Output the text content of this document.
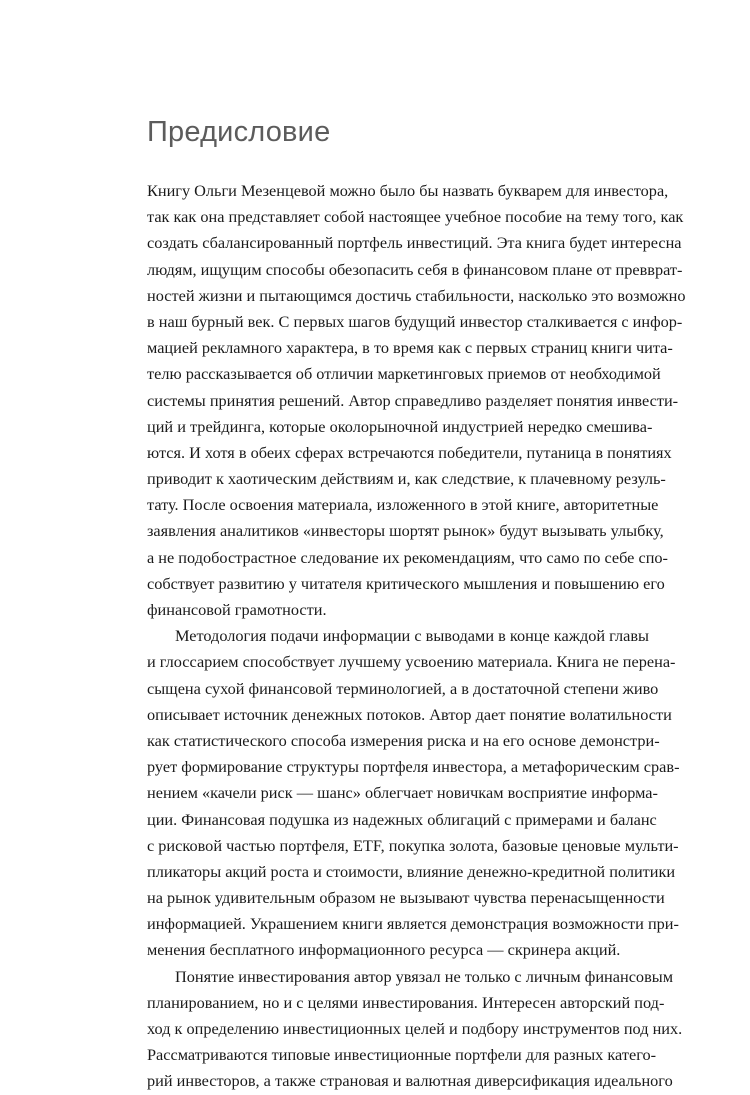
Предисловие
Книгу Ольги Мезенцевой можно было бы назвать букварем для инвестора,
так как она представляет собой настоящее учебное пособие на тему того, как
создать сбалансированный портфель инвестиций. Эта книга будет интересна
людям, ищущим способы обезопасить себя в финансовом плане от превврат-
ностей жизни и пытающимся достичь стабильности, насколько это возможно
в наш бурный век. С первых шагов будущий инвестор сталкивается с инфор-
мацией рекламного характера, в то время как с первых страниц книги чита-
телю рассказывается об отличии маркетинговых приемов от необходимой
системы принятия решений. Автор справедливо разделяет понятия инвести-
ций и трейдинга, которые околорыночной индустрией нередко смешива-
ются. И хотя в обеих сферах встречаются победители, путаница в понятиях
приводит к хаотическим действиям и, как следствие, к плачевному резуль-
тату. После освоения материала, изложенного в этой книге, авторитетные
заявления аналитиков «инвесторы шортят рынок» будут вызывать улыбку,
а не подобострастное следование их рекомендациям, что само по себе спо-
собствует развитию у читателя критического мышления и повышению его
финансовой грамотности.
Методология подачи информации с выводами в конце каждой главы
и глоссарием способствует лучшему усвоению материала. Книга не перена-
сыщена сухой финансовой терминологией, а в достаточной степени живо
описывает источник денежных потоков. Автор дает понятие волатильности
как статистического способа измерения риска и на его основе демонстри-
рует формирование структуры портфеля инвестора, а метафорическим срав-
нением «качели риск — шанс» облегчает новичкам восприятие информа-
ции. Финансовая подушка из надежных облигаций с примерами и баланс
с рисковой частью портфеля, ETF, покупка золота, базовые ценовые мульти-
пликаторы акций роста и стоимости, влияние денежно-кредитной политики
на рынок удивительным образом не вызывают чувства перенасыщенности
информацией. Украшением книги является демонстрация возможности при-
менения бесплатного информационного ресурса — скринера акций.
Понятие инвестирования автор увязал не только с личным финансовым
планированием, но и с целями инвестирования. Интересен авторский под-
ход к определению инвестиционных целей и подбору инструментов под них.
Рассматриваются типовые инвестиционные портфели для разных катего-
рий инвесторов, а также страновая и валютная диверсификация идеального
